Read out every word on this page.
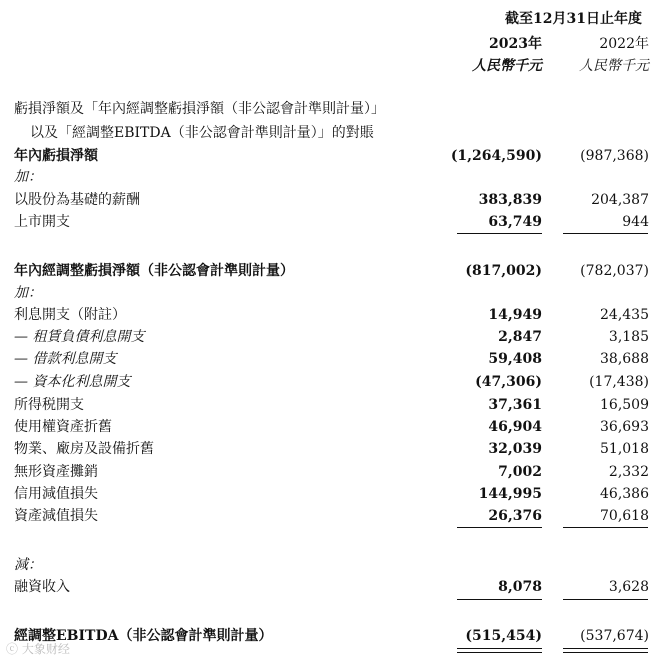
截至12月31日止年度
2023年	2022年
人民幣千元	人民幣千元
虧損淨額及「年內經調整虧損淨額（非公認會計準則計量）」
以及「經調整EBITDA（非公認會計準則計量）」的對賬
年內虧損淨額	(1,264,590)	(987,368)
加：
以股份為基礎的薪酬	383,839	204,387
上市開支	63,749	944
年內經調整虧損淨額（非公認會計準則計量）	(817,002)	(782,037)
加：
利息開支（附註）	14,949	24,435
— 租賃負債利息開支	2,847	3,185
— 借款利息開支	59,408	38,688
— 資本化利息開支	(47,306)	(17,438)
所得税開支	37,361	16,509
使用權資產折舊	46,904	36,693
物業、廠房及設備折舊	32,039	51,018
無形資產攤銷	7,002	2,332
信用減值損失	144,995	46,386
資產減值損失	26,376	70,618
減：
融資收入	8,078	3,628
經調整EBITDA（非公認會計準則計量）	(515,454)	(537,674)
ⓒ 大象财经
